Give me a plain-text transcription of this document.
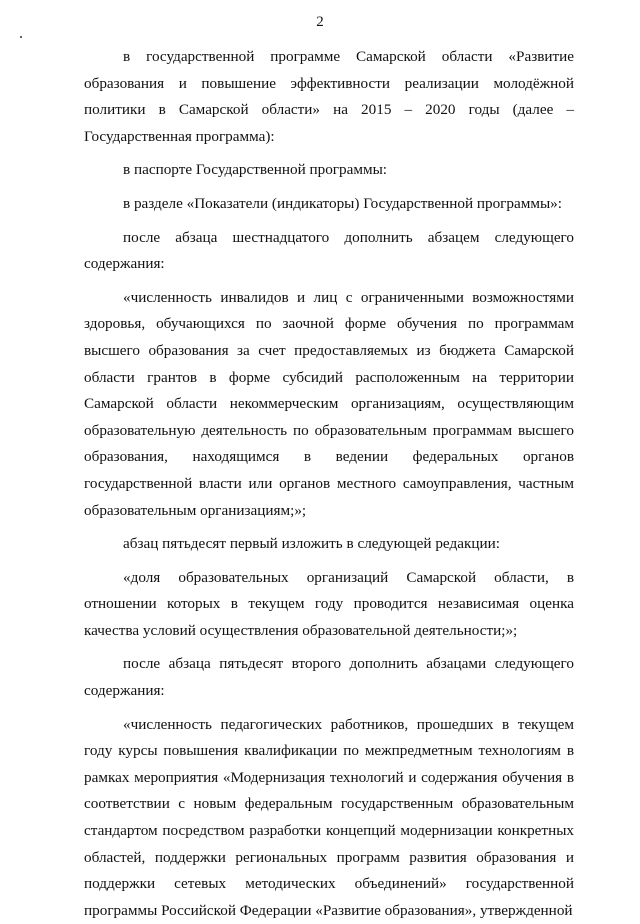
2

в государственной программе Самарской области «Развитие образования и повышение эффективности реализации молодёжной политики в Самарской области» на 2015 – 2020 годы (далее – Государственная программа):

в паспорте Государственной программы:

в разделе «Показатели (индикаторы) Государственной программы»:

после абзаца шестнадцатого дополнить абзацем следующего содержания:

«численность инвалидов и лиц с ограниченными возможностями здоровья, обучающихся по заочной форме обучения по программам высшего образования за счет предоставляемых из бюджета Самарской области грантов в форме субсидий расположенным на территории Самарской области некоммерческим организациям, осуществляющим образовательную деятельность по образовательным программам высшего образования, находящимся в ведении федеральных органов государственной власти или органов местного самоуправления, частным образовательным организациям;»;

абзац пятьдесят первый изложить в следующей редакции:

«доля образовательных организаций Самарской области, в отношении которых в текущем году проводится независимая оценка качества условий осуществления образовательной деятельности;»;

после абзаца пятьдесят второго дополнить абзацами следующего содержания:

«численность педагогических работников, прошедших в текущем году курсы повышения квалификации по межпредметным технологиям в рамках мероприятия «Модернизация технологий и содержания обучения в соответствии с новым федеральным государственным образовательным стандартом посредством разработки концепций модернизации конкретных областей, поддержки региональных программ развития образования и поддержки сетевых методических объединений» государственной программы Российской Федерации «Развитие образования», утвержденной
